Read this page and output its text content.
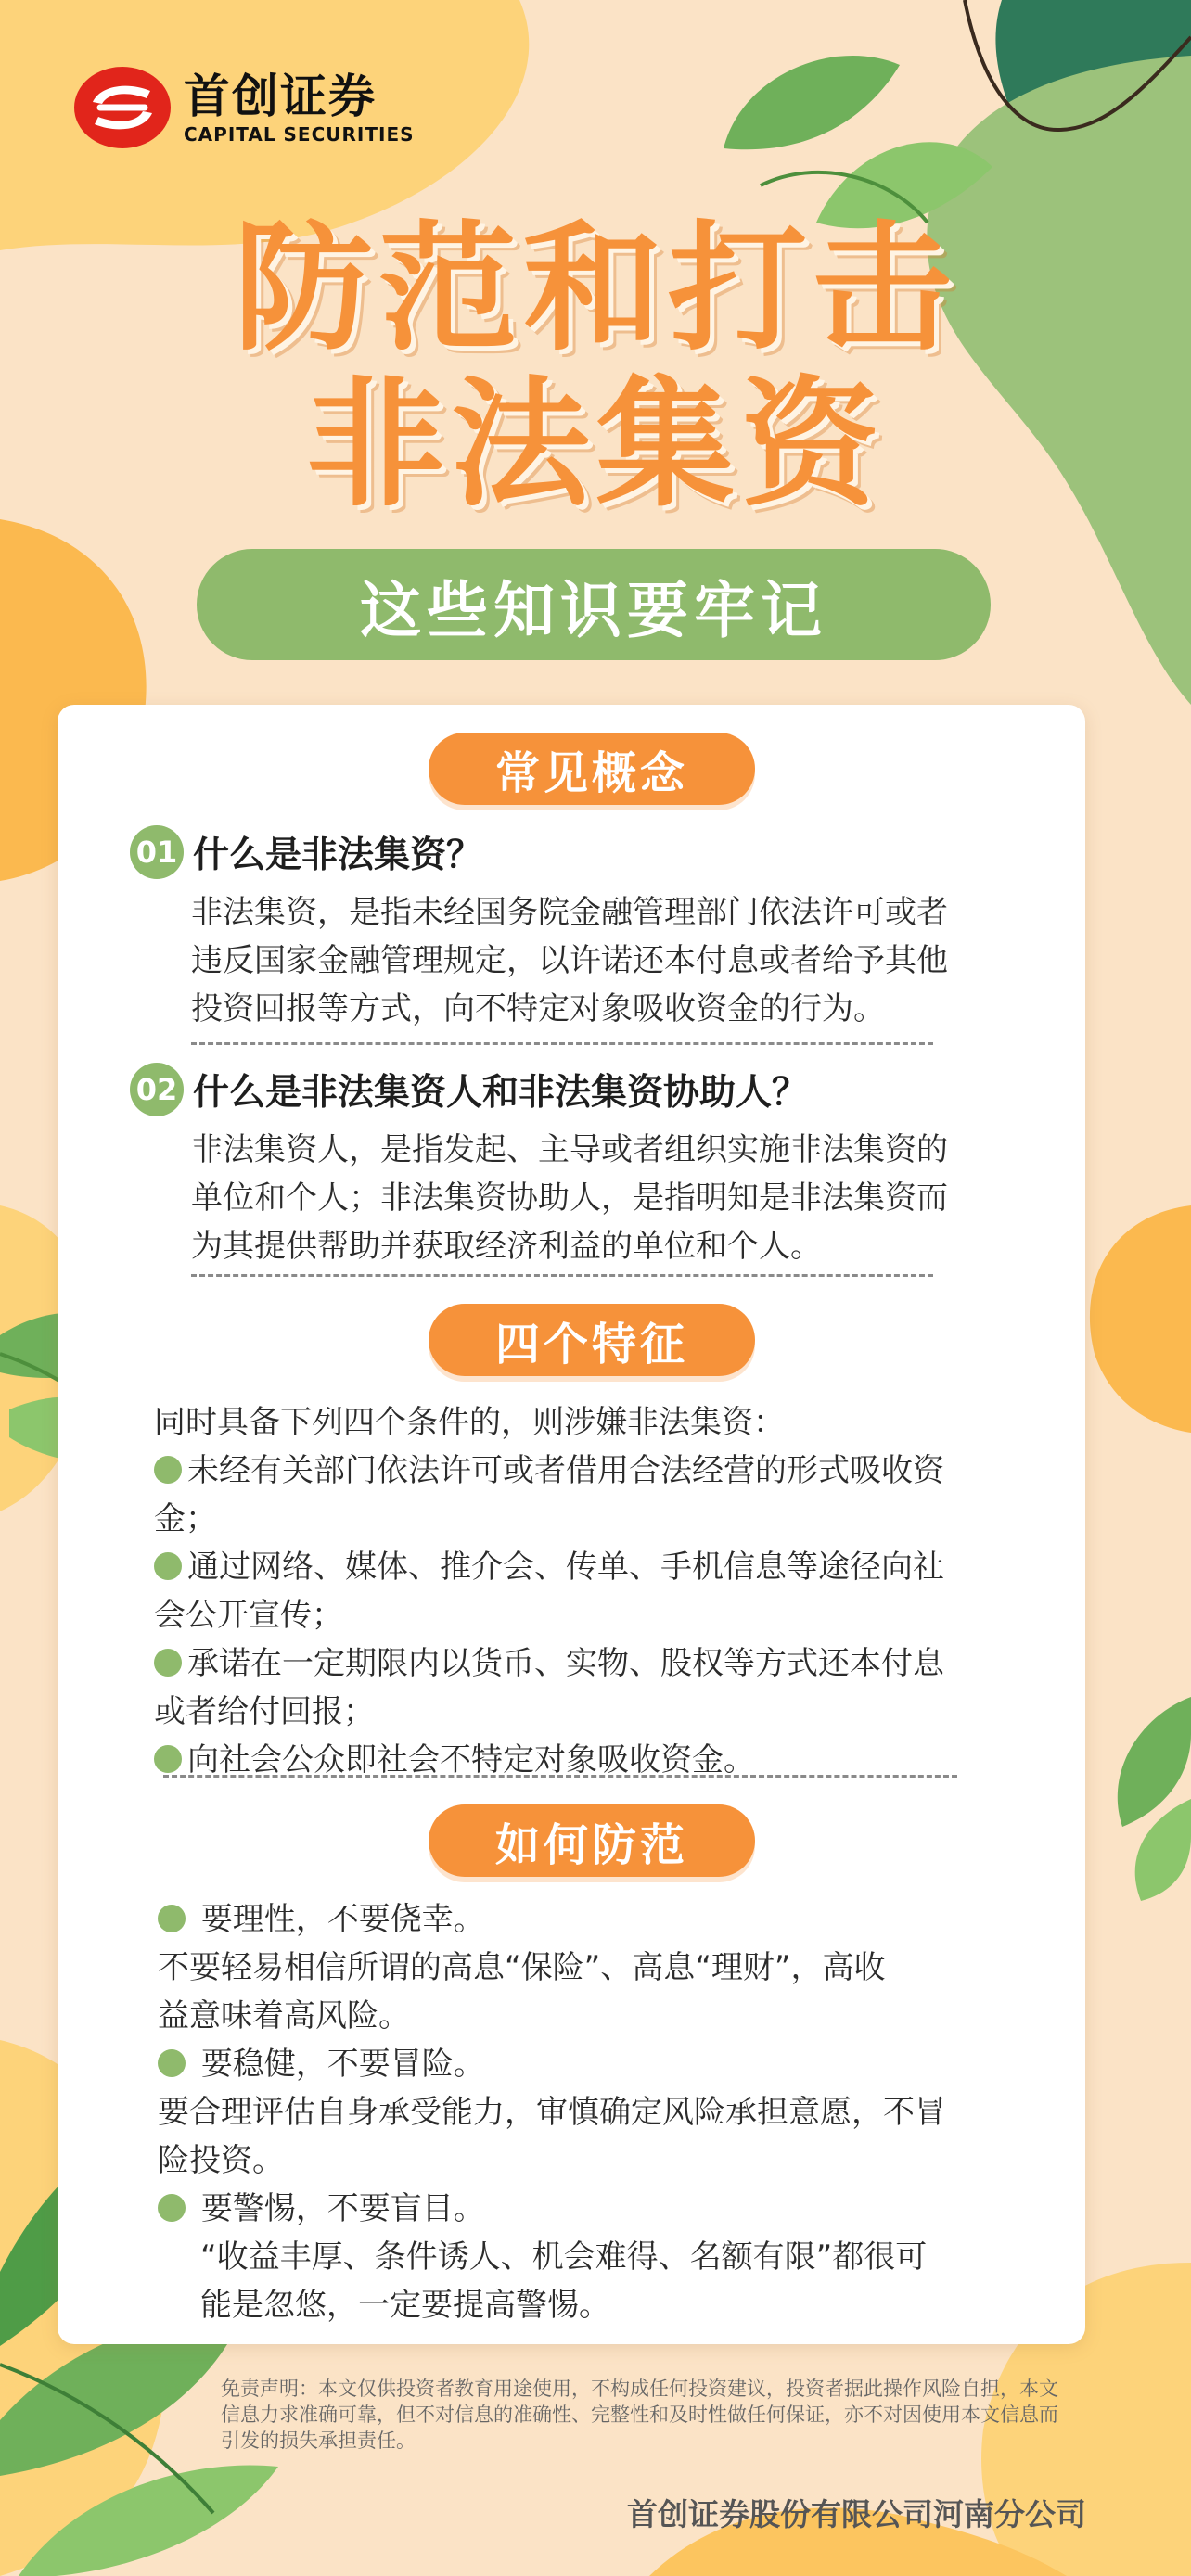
首创证券
CAPITAL SECURITIES
防范和打击
非法集资
这些知识要牢记
常见概念
01 什么是非法集资？
非法集资，是指未经国务院金融管理部门依法许可或者
违反国家金融管理规定，以许诺还本付息或者给予其他
投资回报等方式，向不特定对象吸收资金的行为。
02 什么是非法集资人和非法集资协助人？
非法集资人，是指发起、主导或者组织实施非法集资的
单位和个人；非法集资协助人，是指明知是非法集资而
为其提供帮助并获取经济利益的单位和个人。
四个特征
同时具备下列四个条件的，则涉嫌非法集资：
未经有关部门依法许可或者借用合法经营的形式吸收资
金；
通过网络、媒体、推介会、传单、手机信息等途径向社
会公开宣传；
承诺在一定期限内以货币、实物、股权等方式还本付息
或者给付回报；
向社会公众即社会不特定对象吸收资金。
如何防范
要理性，不要侥幸。
不要轻易相信所谓的高息“保险”、高息“理财”，高收
益意味着高风险。
要稳健，不要冒险。
要合理评估自身承受能力，审慎确定风险承担意愿，不冒
险投资。
要警惕，不要盲目。
“收益丰厚、条件诱人、机会难得、名额有限”都很可
能是忽悠，一定要提高警惕。
免责声明：本文仅供投资者教育用途使用，不构成任何投资建议，投资者据此操作风险自担，本文信息力求准确可靠，但不对信息的准确性、完整性和及时性做任何保证，亦不对因使用本文信息而引发的损失承担责任。
首创证券股份有限公司河南分公司
